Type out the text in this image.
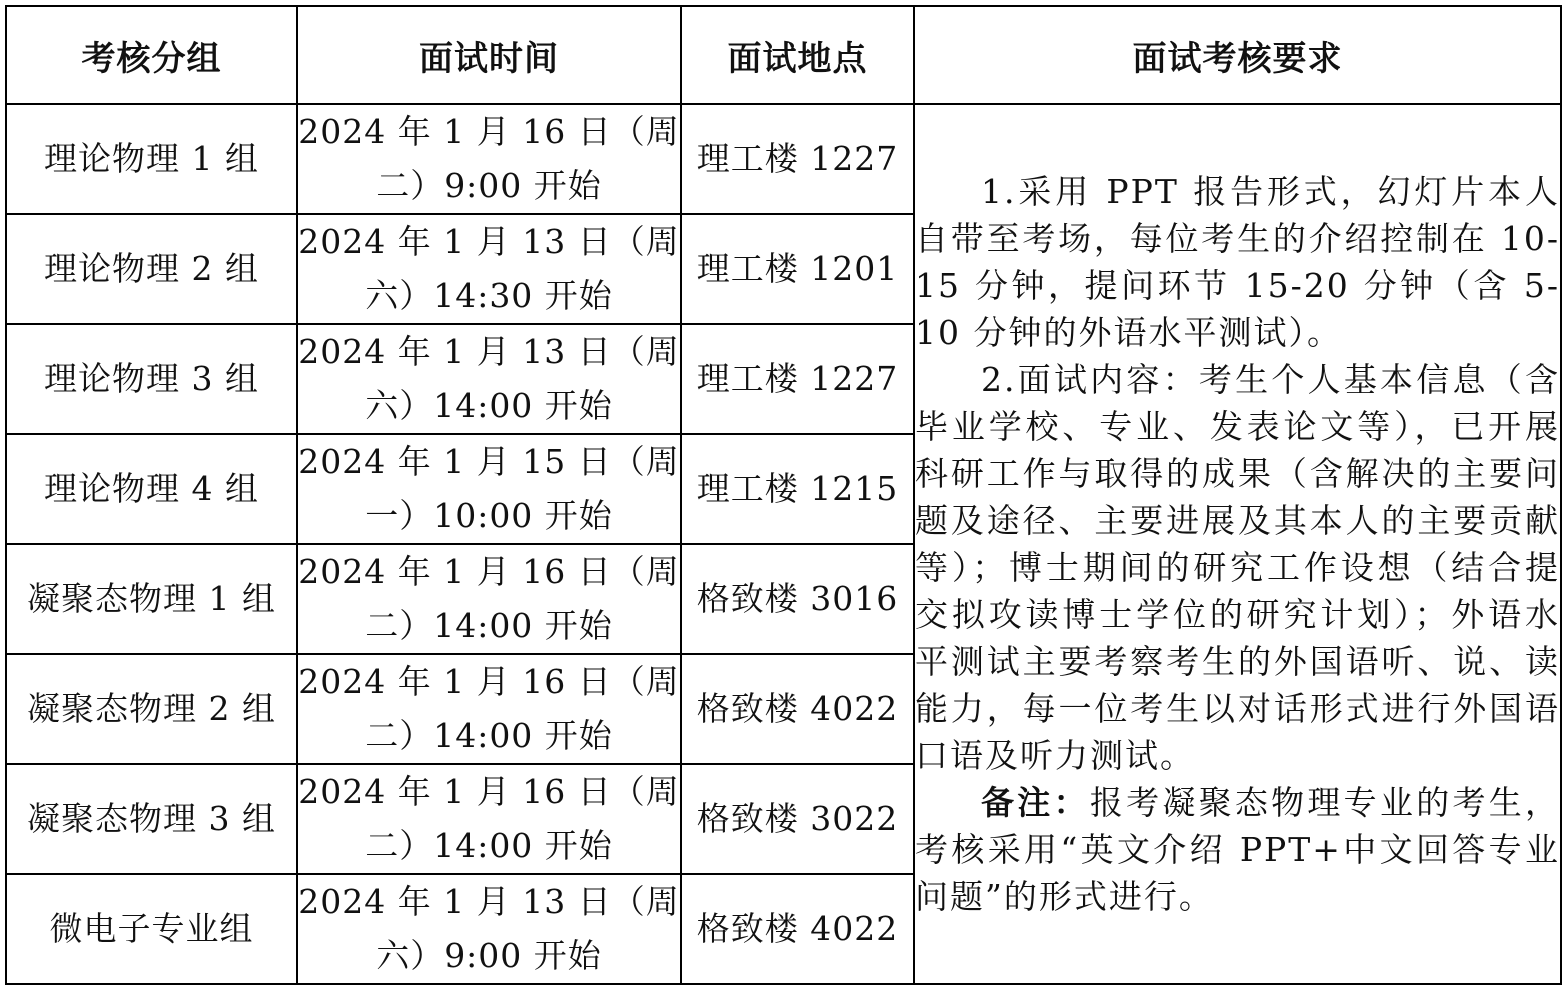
考核分组	面试时间	面试地点	面试考核要求
理论物理 1 组	2024 年 1 月 16 日（周二）9:00 开始	理工楼 1227	1.采用 PPT 报告形式，幻灯片本人自带至考场，每位考生的介绍控制在 10-15 分钟，提问环节 15-20 分钟（含 5-10 分钟的外语水平测试）。

2.面试内容：考生个人基本信息（含毕业学校、专业、发表论文等），已开展科研工作与取得的成果（含解决的主要问题及途径、主要进展及其本人的主要贡献等）；博士期间的研究工作设想（结合提交拟攻读博士学位的研究计划）；外语水平测试主要考察考生的外国语听、说、读能力，每一位考生以对话形式进行外国语口语及听力测试。

备注：报考凝聚态物理专业的考生，考核采用“英文介绍 PPT+中文回答专业问题”的形式进行。

理论物理 2 组	2024 年 1 月 13 日（周六）14:30 开始	理工楼 1201	
理论物理 3 组	2024 年 1 月 13 日（周六）14:00 开始	理工楼 1227	
理论物理 4 组	2024 年 1 月 15 日（周一）10:00 开始	理工楼 1215	
凝聚态物理 1 组	2024 年 1 月 16 日（周二）14:00 开始	格致楼 3016	
凝聚态物理 2 组	2024 年 1 月 16 日（周二）14:00 开始	格致楼 4022	
凝聚态物理 3 组	2024 年 1 月 16 日（周二）14:00 开始	格致楼 3022	
微电子专业组	2024 年 1 月 13 日（周六）9:00 开始	格致楼 4022	
